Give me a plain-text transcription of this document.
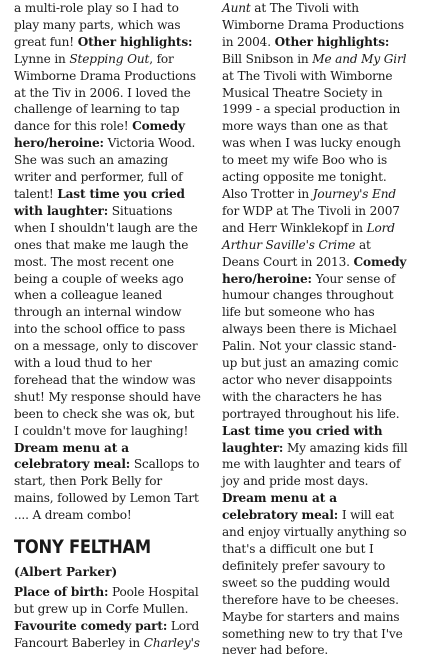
a multi-role play so I had to play many parts, which was great fun! Other highlights: Lynne in Stepping Out, for Wimborne Drama Productions at the Tiv in 2006. I loved the challenge of learning to tap dance for this role! Comedy hero/heroine: Victoria Wood. She was such an amazing writer and performer, full of talent! Last time you cried with laughter: Situations when I shouldn't laugh are the ones that make me laugh the most. The most recent one being a couple of weeks ago when a colleague leaned through an internal window into the school office to pass on a message, only to discover with a loud thud to her forehead that the window was shut! My response should have been to check she was ok, but I couldn't move for laughing! Dream menu at a celebratory meal: Scallops to start, then Pork Belly for mains, followed by Lemon Tart .... A dream combo!

TONY FELTHAM
(Albert Parker)

Place of birth: Poole Hospital but grew up in Corfe Mullen. Favourite comedy part: Lord Fancourt Baberley in Charley's

Aunt at The Tivoli with Wimborne Drama Productions in 2004. Other highlights: Bill Snibson in Me and My Girl at The Tivoli with Wimborne Musical Theatre Society in 1999 - a special production in more ways than one as that was when I was lucky enough to meet my wife Boo who is acting opposite me tonight. Also Trotter in Journey's End for WDP at The Tivoli in 2007 and Herr Winklekopf in Lord Arthur Saville's Crime at Deans Court in 2013. Comedy hero/heroine: Your sense of humour changes throughout life but someone who has always been there is Michael Palin. Not your classic stand-up but just an amazing comic actor who never disappoints with the characters he has portrayed throughout his life. Last time you cried with laughter: My amazing kids fill me with laughter and tears of joy and pride most days. Dream menu at a celebratory meal: I will eat and enjoy virtually anything so that's a difficult one but I definitely prefer savoury to sweet so the pudding would therefore have to be cheeses. Maybe for starters and mains something new to try that I've never had before.
